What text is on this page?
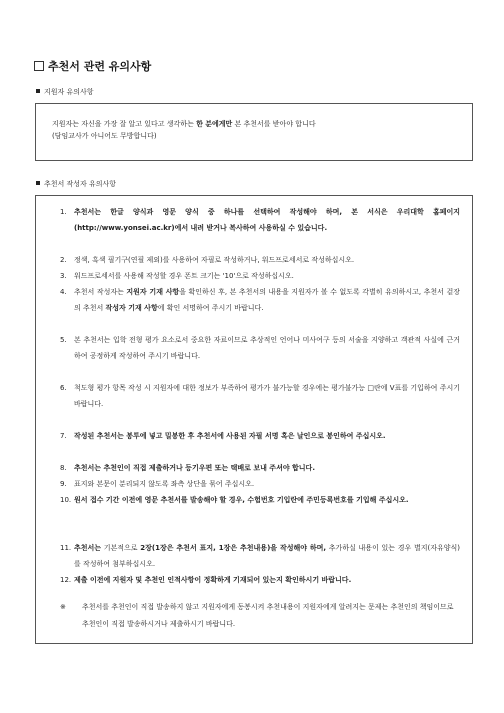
추천서 관련 유의사항
지원자 유의사항

지원자는 자신을 가장 잘 알고 있다고 생각하는 한 분에게만 본 추천서를 받아야 합니다

(담임교사가 아니어도 무방합니다)

추천서 작성자 유의사항
1. 추천서는 한글 양식과 영문 양식 중 하나를 선택하여 작성해야 하며, 본 서식은 우리대학 홈페이지(http://www.yonsei.ac.kr)에서 내려 받거나 복사하여 사용하실 수 있습니다.
2. 정색, 흑색 필기구(연필 제외)를 사용하여 자필로 작성하거나, 워드프로세서로 작성하십시오.
3. 워드프로세서를 사용해 작성할 경우 폰트 크기는 '10'으로 작성하십시오.
4. 추천서 작성자는 지원자 기재 사항을 확인하신 후, 본 추천서의 내용을 지원자가 볼 수 없도록 각별히 유의하시고, 추천서 겉장의 추천서 작성자 기재 사항에 확인 서명하여 주시기 바랍니다.
5. 본 추천서는 입학 전형 평가 요소로서 중요한 자료이므로 추상적인 언어나 미사여구 등의 서술을 지양하고 객관적 사실에 근거하여 공정하게 작성하여 주시기 바랍니다.
6. 척도형 평가 항목 작성 시 지원자에 대한 정보가 부족하여 평가가 불가능할 경우에는 평가불가능 □란에 V표를 기입하여 주시기 바랍니다.
7. 작성된 추천서는 봉투에 넣고 밀봉한 후 추천서에 사용된 자필 서명 혹은 날인으로 봉인하여 주십시오.
8. 추천서는 추천인이 직접 제출하거나 등기우편 또는 택배로 보내 주셔야 합니다.
9. 표지와 본문이 분리되지 않도록 좌측 상단을 묶어 주십시오.
10. 원서 접수 기간 이전에 영문 추천서를 발송해야 할 경우, 수험번호 기입란에 주민등록번호를 기입해 주십시오.
11. 추천서는 기본적으로 2장(1장은 추천서 표지, 1장은 추천내용)을 작성해야 하며, 추가하실 내용이 있는 경우 별지(자유양식)를 작성하여 첨부하십시오.
12. 제출 이전에 지원자 및 추천인 인적사항이 정확하게 기재되어 있는지 확인하시기 바랍니다.
※ 추천서를 추천인이 직접 발송하지 않고 지원자에게 동봉시켜 추천내용이 지원자에게 알려지는 문제는 추천인의 책임이므로 추천인이 직접 발송하시거나 제출하시기 바랍니다.
